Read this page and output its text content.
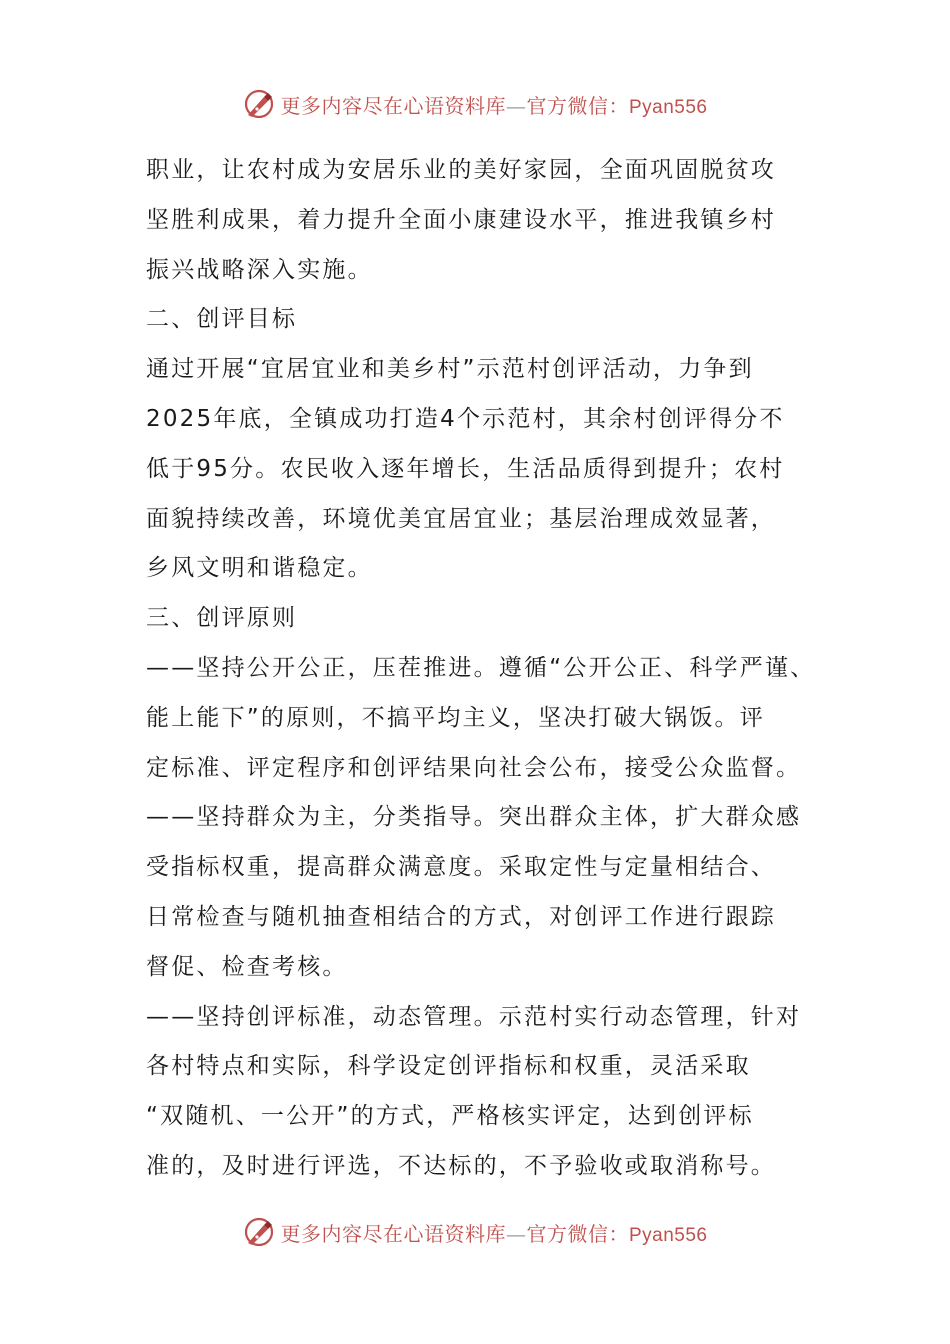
更多内容尽在心语资料库—官方微信：Pyan556
职业，让农村成为安居乐业的美好家园，全面巩固脱贫攻
坚胜利成果，着力提升全面小康建设水平，推进我镇乡村
振兴战略深入实施。
二、创评目标
通过开展“宜居宜业和美乡村”示范村创评活动，力争到
2025年底，全镇成功打造4个示范村，其余村创评得分不
低于95分。农民收入逐年增长，生活品质得到提升；农村
面貌持续改善，环境优美宜居宜业；基层治理成效显著，
乡风文明和谐稳定。
三、创评原则
——坚持公开公正，压茬推进。遵循“公开公正、科学严谨、
能上能下”的原则，不搞平均主义，坚决打破大锅饭。评
定标准、评定程序和创评结果向社会公布，接受公众监督。
——坚持群众为主，分类指导。突出群众主体，扩大群众感
受指标权重，提高群众满意度。采取定性与定量相结合、
日常检查与随机抽查相结合的方式，对创评工作进行跟踪
督促、检查考核。
——坚持创评标准，动态管理。示范村实行动态管理，针对
各村特点和实际，科学设定创评指标和权重，灵活采取
“双随机、一公开”的方式，严格核实评定，达到创评标
准的，及时进行评选，不达标的，不予验收或取消称号。
更多内容尽在心语资料库—官方微信：Pyan556
